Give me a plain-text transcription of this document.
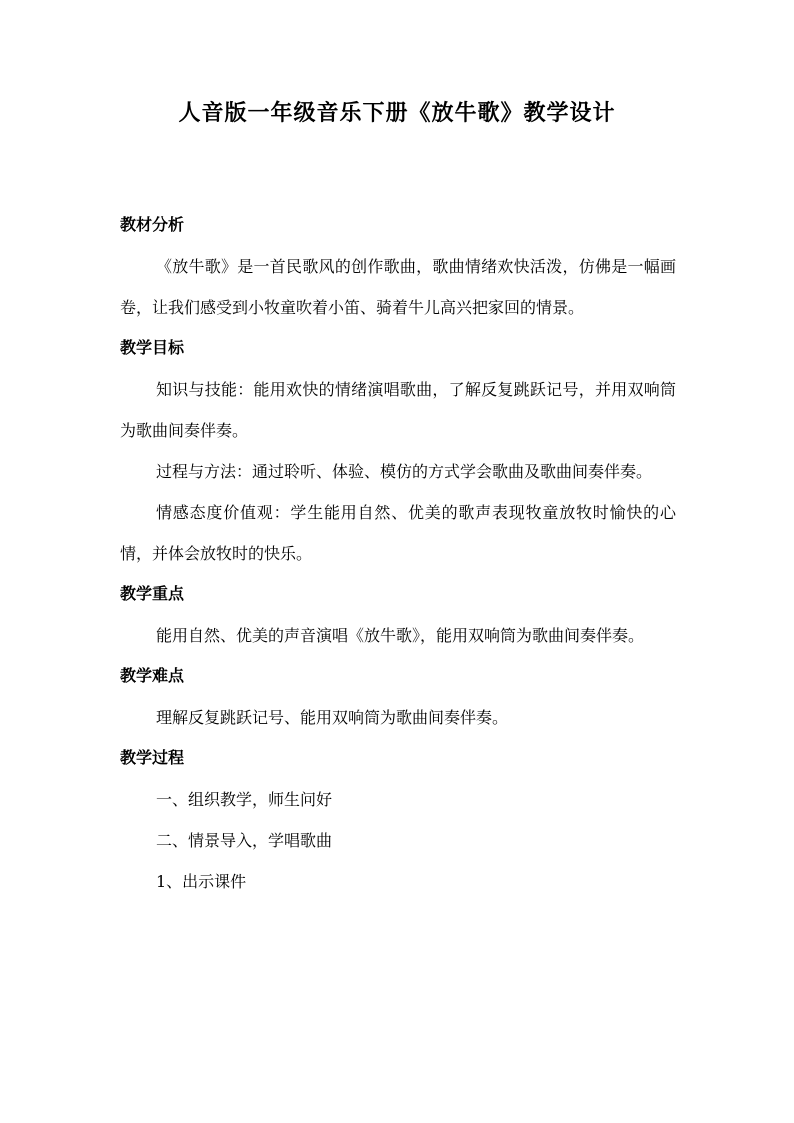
人音版一年级音乐下册《放牛歌》教学设计
教材分析

《放牛歌》是一首民歌风的创作歌曲，歌曲情绪欢快活泼，仿佛是一幅画卷，让我们感受到小牧童吹着小笛、骑着牛儿高兴把家回的情景。

教学目标

知识与技能：能用欢快的情绪演唱歌曲，了解反复跳跃记号，并用双响筒为歌曲间奏伴奏。

过程与方法：通过聆听、体验、模仿的方式学会歌曲及歌曲间奏伴奏。

情感态度价值观：学生能用自然、优美的歌声表现牧童放牧时愉快的心情，并体会放牧时的快乐。

教学重点

能用自然、优美的声音演唱《放牛歌》，能用双响筒为歌曲间奏伴奏。

教学难点

理解反复跳跃记号、能用双响筒为歌曲间奏伴奏。

教学过程

一、组织教学，师生问好

二、情景导入，学唱歌曲

1、出示课件
